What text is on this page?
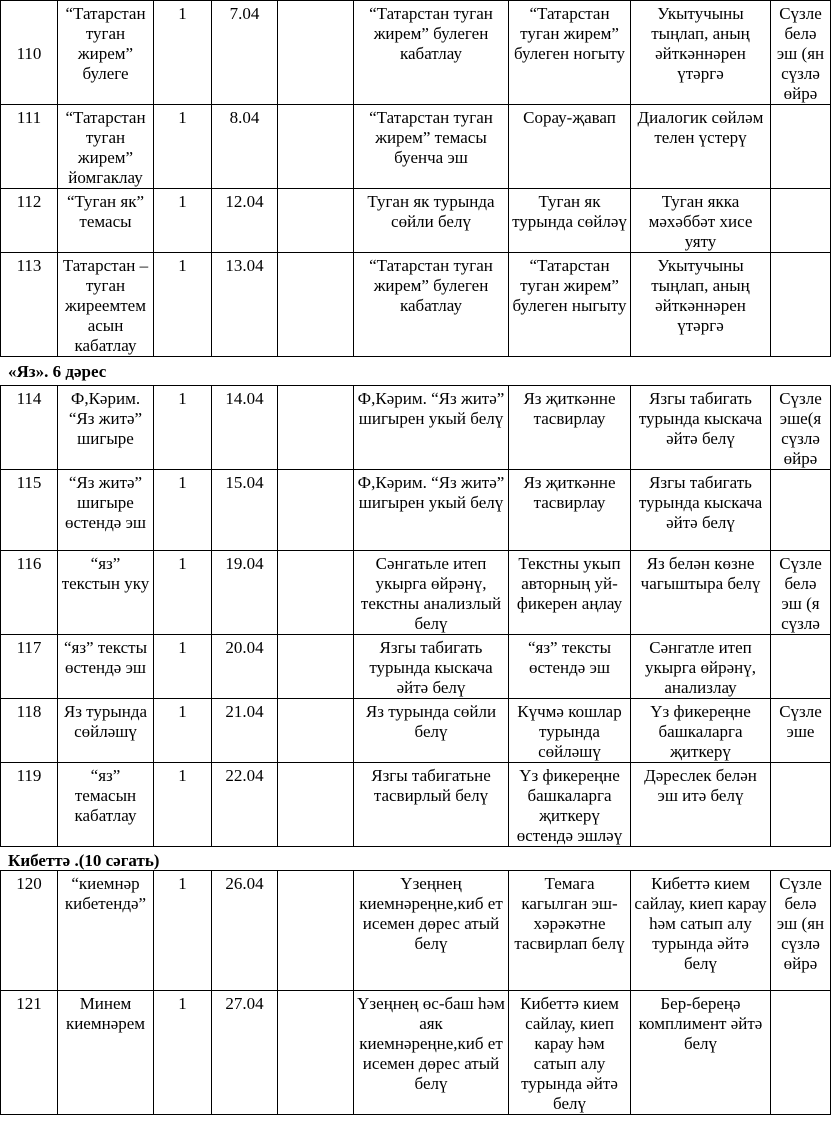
110	“Татарстан туган жирем” булеге	1	7.04		“Татарстан туган жирем” булеген кабатлау	“Татарстан туган жирем” булеген ногыту	Укытучыны тыңлап, аның әйткәннәрен үтәргә	Сүзле белә эш (ян сүзлә өйрә
111	“Татарстан туган жирем” йомгаклау	1	8.04		“Татарстан туган жирем” темасы буенча эш	Сорау-җавап	Диалогик сөйләм телен үстерү	
112	“Туган як” темасы	1	12.04		Туган як турында сөйли белү	Туган як турында сөйләү	Туган якка мәхәббәт хисе уяту	
113	Татарстан – туган жиреемтем асын кабатлау	1	13.04		“Татарстан туган жирем” булеген кабатлау	“Татарстан туган жирем” булеген ныгыту	Укытучыны тыңлап, аның әйткәннәрен үтәргә	
«Яз». 6 дәрес
114	Ф,Кәрим. “Яз житә” шигыре	1	14.04		Ф,Кәрим. “Яз житә” шигырен укый белү	Яз җиткәнне тасвирлау	Язгы табигать турында кыскача әйтә белү	Сүзле эше(я сүзлә өйрә
115	“Яз житә” шигыре өстендә эш	1	15.04		Ф,Кәрим. “Яз житә” шигырен укый белү	Яз җиткәнне тасвирлау	Язгы табигать турында кыскача әйтә белү	
116	“яз” текстын уку	1	19.04		Сәнгатьле итеп укырга өйрәнү, текстны анализлый белү	Текстны укып авторның уй-фикерен аңлау	Яз белән көзне чагыштыра белү	Сүзле белә эш (я сүзлә
117	“яз” тексты өстендә эш	1	20.04		Язгы табигать турында кыскача әйтә белү	“яз” тексты өстендә эш	Сәнгатле итеп укырга өйрәнү, анализлау	
118	Яз турында сөйләшү	1	21.04		Яз турында сөйли белү	Күчмә кошлар турында сөйләшү	Үз фикереңне башкаларга җиткерү	Сүзле эше
119	“яз” темасын кабатлау	1	22.04		Язгы табигатьне тасвирлый белү	Үз фикереңне башкаларга җиткерү өстендә эшләү	Дәреслек белән эш итә белү	
Кибеттә .(10 сәгать)
120	“киемнәр кибетендә”	1	26.04		Үзеңнең киемнәреңне,киб ет исемен дөрес атый белү	Темага кагылган эш-хәрәкәтне тасвирлап белү	Кибеттә кием сайлау, киеп карау һәм сатып алу турында әйтә белү	Сүзле белә эш (ян сүзлә өйрә
121	Минем киемнәрем	1	27.04		Үзеңнең өс-баш һәм аяк киемнәреңне,киб ет исемен дөрес атый белү	Кибеттә кием сайлау, киеп карау һәм сатып алу турында әйтә белү	Бер-береңә комплимент әйтә белү	
